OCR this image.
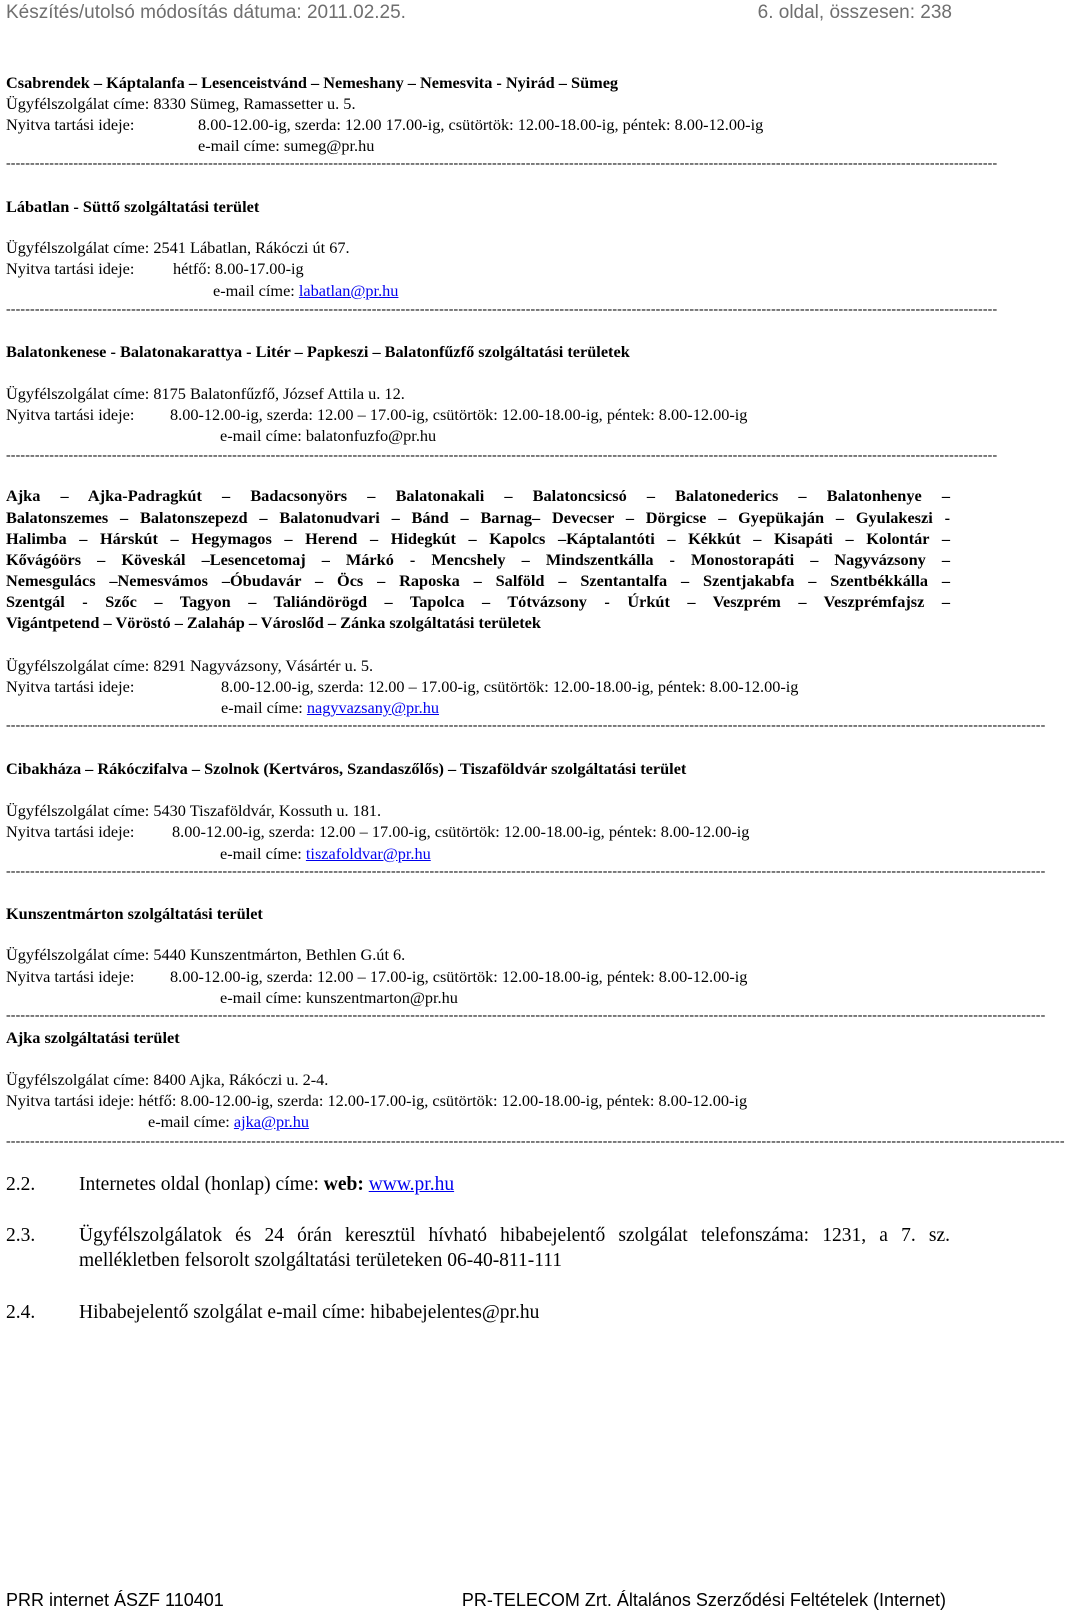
Készítés/utolsó módosítás dátuma: 2011.02.25.	6. oldal, összesen: 238
Csabrendek – Káptalanfa – Lesenceistvánd – Nemeshany – Nemesvita - Nyirád – Sümeg
Ügyfélszolgálat címe: 8330 Sümeg, Ramassetter u. 5.
Nyitva tartási ideje:	8.00-12.00-ig, szerda: 12.00 17.00-ig, csütörtök: 12.00-18.00-ig, péntek: 8.00-12.00-ig
e-mail címe: sumeg@pr.hu
--------------------------------------------------------------------------------------------------------------------------------------------------------------------------------------------------------------
Lábatlan - Süttő szolgáltatási terület
Ügyfélszolgálat címe: 2541 Lábatlan, Rákóczi út 67.
Nyitva tartási ideje: hétfő: 8.00-17.00-ig
e-mail címe: labatlan@pr.hu
--------------------------------------------------------------------------------------------------------------------------------------------------------------------------------------------------------------
Balatonkenese - Balatonakarattya - Litér – Papkeszi – Balatonfűzfő szolgáltatási területek
Ügyfélszolgálat címe: 8175 Balatonfűzfő, József Attila u. 12.
Nyitva tartási ideje: 8.00-12.00-ig, szerda: 12.00 – 17.00-ig, csütörtök: 12.00-18.00-ig, péntek: 8.00-12.00-ig
e-mail címe: balatonfuzfo@pr.hu
--------------------------------------------------------------------------------------------------------------------------------------------------------------------------------------------------------------
Ajka – Ajka-Padragkút – Badacsonyörs – Balatonakali – Balatoncsicsó – Balatonederics – Balatonhenye –
Balatonszemes – Balatonszepezd – Balatonudvari – Bánd – Barnag– Devecser – Dörgicse – Gyepükaján – Gyulakeszi -
Halimba – Hárskút – Hegymagos – Herend – Hidegkút – Kapolcs –Káptalantóti – Kékkút – Kisapáti – Kolontár –
Kővágóörs – Köveskál –Lesencetomaj – Márkó - Mencshely – Mindszentkálla - Monostorapáti – Nagyvázsony –
Nemesgulács –Nemesvámos –Óbudavár – Öcs – Raposka – Salföld – Szentantalfa – Szentjakabfa – Szentbékkálla –
Szentgál - Szőc – Tagyon – Taliándörögd – Tapolca – Tótvázsony - Úrkút – Veszprém – Veszprémfajsz –
Vigántpetend – Vöröstó – Zalaháp – Városlőd – Zánka szolgáltatási területek
Ügyfélszolgálat címe: 8291 Nagyvázsony, Vásártér u. 5.
Nyitva tartási ideje:	8.00-12.00-ig, szerda: 12.00 – 17.00-ig, csütörtök: 12.00-18.00-ig, péntek: 8.00-12.00-ig
e-mail címe: nagyvazsany@pr.hu
------------------------------------------------------------------------------------------------------------------------------------------------------------------------------------------------------------------------
Cibakháza – Rákóczifalva – Szolnok (Kertváros, Szandaszőlős) – Tiszaföldvár szolgáltatási terület
Ügyfélszolgálat címe: 5430 Tiszaföldvár, Kossuth u. 181.
Nyitva tartási ideje: 8.00-12.00-ig, szerda: 12.00 – 17.00-ig, csütörtök: 12.00-18.00-ig, péntek: 8.00-12.00-ig
e-mail címe: tiszafoldvar@pr.hu
------------------------------------------------------------------------------------------------------------------------------------------------------------------------------------------------------------------------
Kunszentmárton szolgáltatási terület
Ügyfélszolgálat címe: 5440 Kunszentmárton, Bethlen G.út 6.
Nyitva tartási ideje: 8.00-12.00-ig, szerda: 12.00 – 17.00-ig, csütörtök: 12.00-18.00-ig, péntek: 8.00-12.00-ig
e-mail címe: kunszentmarton@pr.hu
------------------------------------------------------------------------------------------------------------------------------------------------------------------------------------------------------------------------
Ajka szolgáltatási terület
Ügyfélszolgálat címe: 8400 Ajka, Rákóczi u. 2-4.
Nyitva tartási ideje: hétfő: 8.00-12.00-ig, szerda: 12.00-17.00-ig, csütörtök: 12.00-18.00-ig, péntek: 8.00-12.00-ig
e-mail címe: ajka@pr.hu
----------------------------------------------------------------------------------------------------------------------------------------------------------------------------------------------------------------------------
2.2. Internetes oldal (honlap) címe: web: www.pr.hu
2.3. Ügyfélszolgálatok és 24 órán keresztül hívható hibabejelentő szolgálat telefonszáma: 1231, a 7. sz. mellékletben felsorolt szolgáltatási területeken 06-40-811-111
2.4. Hibabejelentő szolgálat e-mail címe: hibabejelentes@pr.hu
PRR internet ÁSZF 110401	PR-TELECOM Zrt. Általános Szerződési Feltételek (Internet)
